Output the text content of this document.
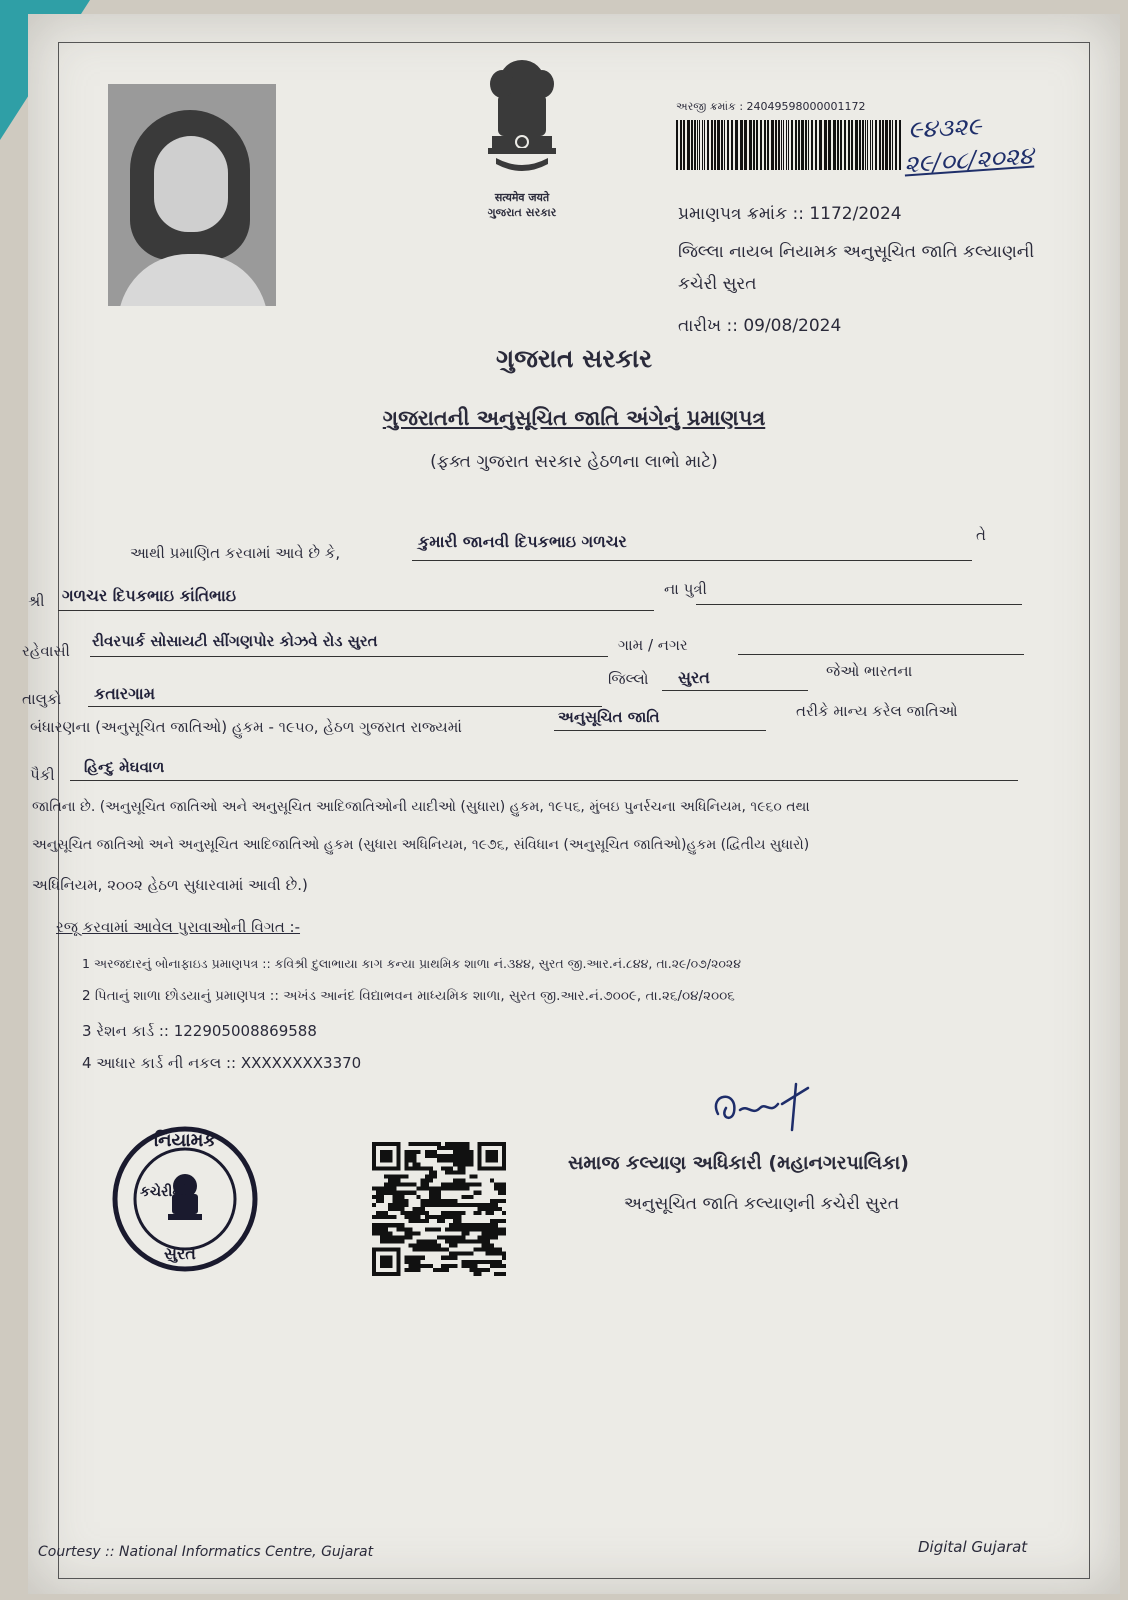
सत्यमेव जयते
ગુજરાત સરકાર
અરજી ક્રમાંક : 24049598000001172
૯૪૩૨૯
૨૯/૦૮/૨૦૨૪
પ્રમાણપત્ર ક્રમાંક :: 1172/2024
જિલ્લા નાયબ નિયામક અનુસૂચિત જાતિ કલ્યાણની
કચેરી સુરત
તારીખ :: 09/08/2024
ગુજરાત સરકાર
ગુજરાતની અનુસૂચિત જાતિ અંગેનું પ્રમાણપત્ર
(ફક્ત ગુજરાત સરકાર હેઠળના લાભો માટે)
આથી પ્રમાણિત કરવામાં આવે છે કે,
કુમારી જાનવી દિપકભાઇ ગળચર	તે
શ્રી ગળચર દિપકભાઇ કાંતિભાઇ	ના પુત્રી
રહેવાસી
રીવરપાર્ક સોસાયટી સીંગણપોર કોઝવે રોડ સુરત	ગામ / નગર
તાલુકો કતારગામ
જિલ્લો સુરત	જેઓ ભારતના
બંધારણના (અનુસૂચિત જાતિઓ) હુકમ - ૧૯૫૦, હેઠળ ગુજરાત રાજ્યમાં
અનુસૂચિત જાતિ	તરીકે માન્ય કરેલ જાતિઓ
પૈકી હિન્દુ મેઘવાળ
જાતિના છે. (અનુસૂચિત જાતિઓ અને અનુસૂચિત આદિજાતિઓની યાદીઓ (સુધારા) હુકમ, ૧૯૫૬, મુંબઇ પુનર્રચના અધિનિયમ, ૧૯૬૦ તથા
અનુસૂચિત જાતિઓ અને અનુસૂચિત આદિજાતિઓ હુકમ (સુધારા અધિનિયમ, ૧૯૭૬, સંવિધાન (અનુસૂચિત જાતિઓ)હુકમ (દ્વિતીય સુધારો)
અધિનિયમ, ૨૦૦૨ હેઠળ સુધારવામાં આવી છે.)
રજૂ કરવામાં આવેલ પુરાવાઓની વિગત :-
1 અરજદારનું બોનાફાઇડ પ્રમાણપત્ર :: કવિશ્રી દુલાભાયા કાગ કન્યા પ્રાથમિક શાળા નં.૩૪૪, સુરત જી.આર.નં.૮૪૪, તા.૨૯/૦૭/૨૦૨૪
2 પિતાનું શાળા છોડયાનું પ્રમાણપત્ર :: અખંડ આનંદ વિદ્યાભવન માધ્યમિક શાળા, સુરત જી.આર.નં.૭૦૦૯, તા.૨૬/૦૪/૨૦૦૬
3 રેશન કાર્ડ :: 122905008869588
4 આધાર કાર્ડ ની નકલ :: XXXXXXXX3370
સમાજ કલ્યાણ અધિકારી (મહાનગરપાલિકા)
અનુસૂચિત જાતિ કલ્યાણની કચેરી સુરત
નિયામક
કચેરીની
સુરત
Courtesy :: National Informatics Centre, Gujarat	Digital Gujarat
